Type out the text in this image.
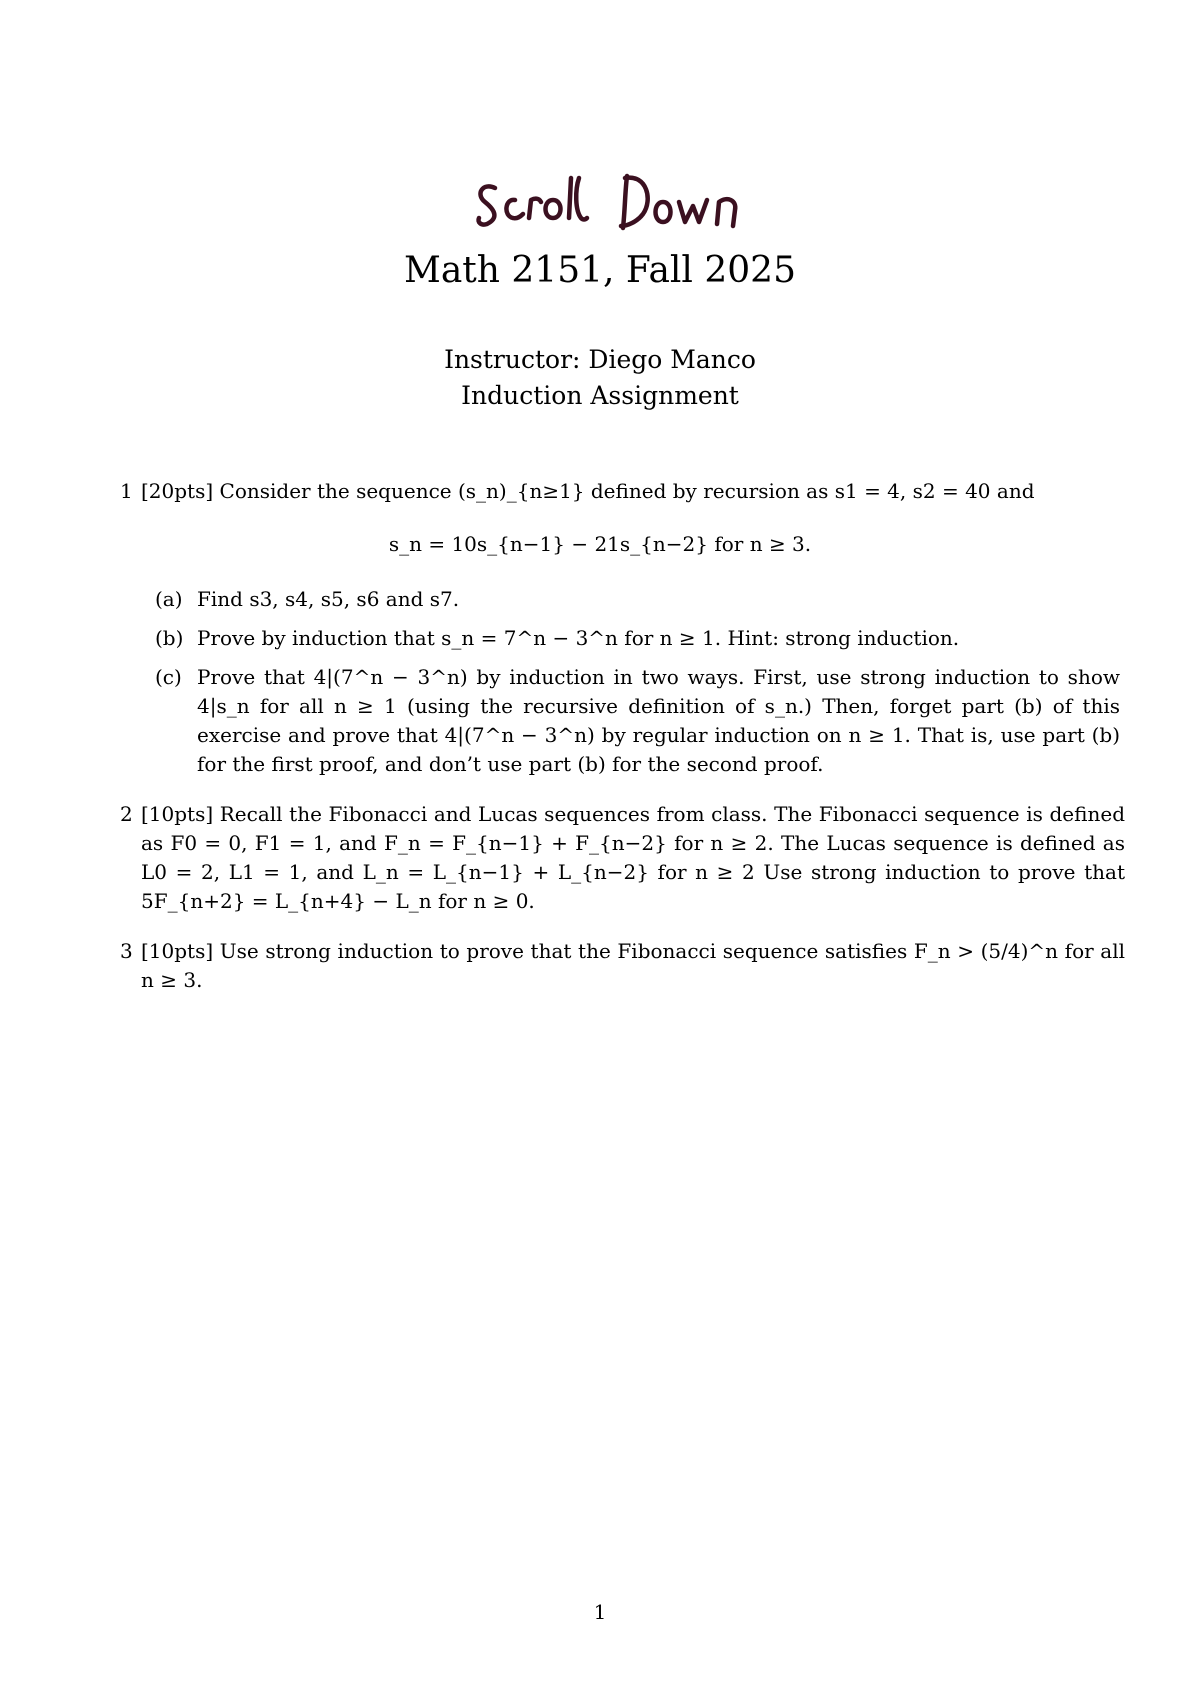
Math 2151, Fall 2025
Instructor: Diego Manco
Induction Assignment
1 [20pts] Consider the sequence (s_n)_{n≥1} defined by recursion as s1 = 4, s2 = 40 and
s_n = 10s_{n−1} − 21s_{n−2} for n ≥ 3.
(a) Find s3, s4, s5, s6 and s7.
(b) Prove by induction that s_n = 7^n − 3^n for n ≥ 1. Hint: strong induction.
(c) Prove that 4|(7^n − 3^n) by induction in two ways. First, use strong induction to show 4|s_n for all n ≥ 1 (using the recursive definition of s_n.) Then, forget part (b) of this exercise and prove that 4|(7^n − 3^n) by regular induction on n ≥ 1. That is, use part (b) for the first proof, and don’t use part (b) for the second proof.
2 [10pts] Recall the Fibonacci and Lucas sequences from class. The Fibonacci sequence is defined as F0 = 0, F1 = 1, and F_n = F_{n−1} + F_{n−2} for n ≥ 2. The Lucas sequence is defined as L0 = 2, L1 = 1, and L_n = L_{n−1} + L_{n−2} for n ≥ 2 Use strong induction to prove that 5F_{n+2} = L_{n+4} − L_n for n ≥ 0.
3 [10pts] Use strong induction to prove that the Fibonacci sequence satisfies F_n > (5/4)^n for all n ≥ 3.
1
